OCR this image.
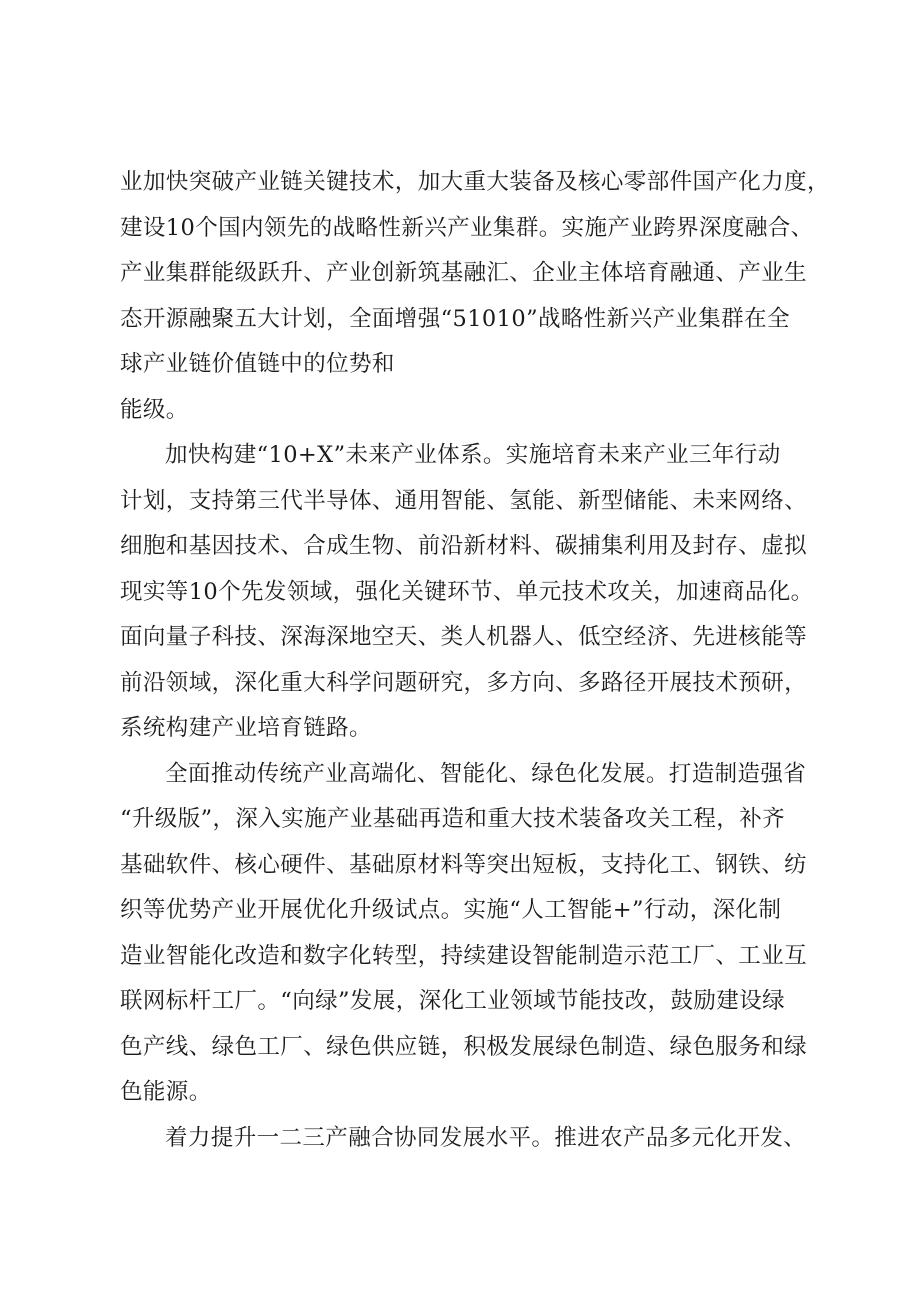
业加快突破产业链关键技术，加大重大装备及核心零部件国产化力度，
建设10个国内领先的战略性新兴产业集群。实施产业跨界深度融合、
产业集群能级跃升、产业创新筑基融汇、企业主体培育融通、产业生
态开源融聚五大计划，全面增强“51010”战略性新兴产业集群在全
球产业链价值链中的位势和
能级。

加快构建“10+X”未来产业体系。实施培育未来产业三年行动
计划，支持第三代半导体、通用智能、氢能、新型储能、未来网络、
细胞和基因技术、合成生物、前沿新材料、碳捕集利用及封存、虚拟
现实等10个先发领域，强化关键环节、单元技术攻关，加速商品化。
面向量子科技、深海深地空天、类人机器人、低空经济、先进核能等
前沿领域，深化重大科学问题研究，多方向、多路径开展技术预研，
系统构建产业培育链路。

全面推动传统产业高端化、智能化、绿色化发展。打造制造强省
“升级版”，深入实施产业基础再造和重大技术装备攻关工程，补齐
基础软件、核心硬件、基础原材料等突出短板，支持化工、钢铁、纺
织等优势产业开展优化升级试点。实施“人工智能+”行动，深化制
造业智能化改造和数字化转型，持续建设智能制造示范工厂、工业互
联网标杆工厂。“向绿”发展，深化工业领域节能技改，鼓励建设绿
色产线、绿色工厂、绿色供应链，积极发展绿色制造、绿色服务和绿
色能源。

着力提升一二三产融合协同发展水平。推进农产品多元化开发、
